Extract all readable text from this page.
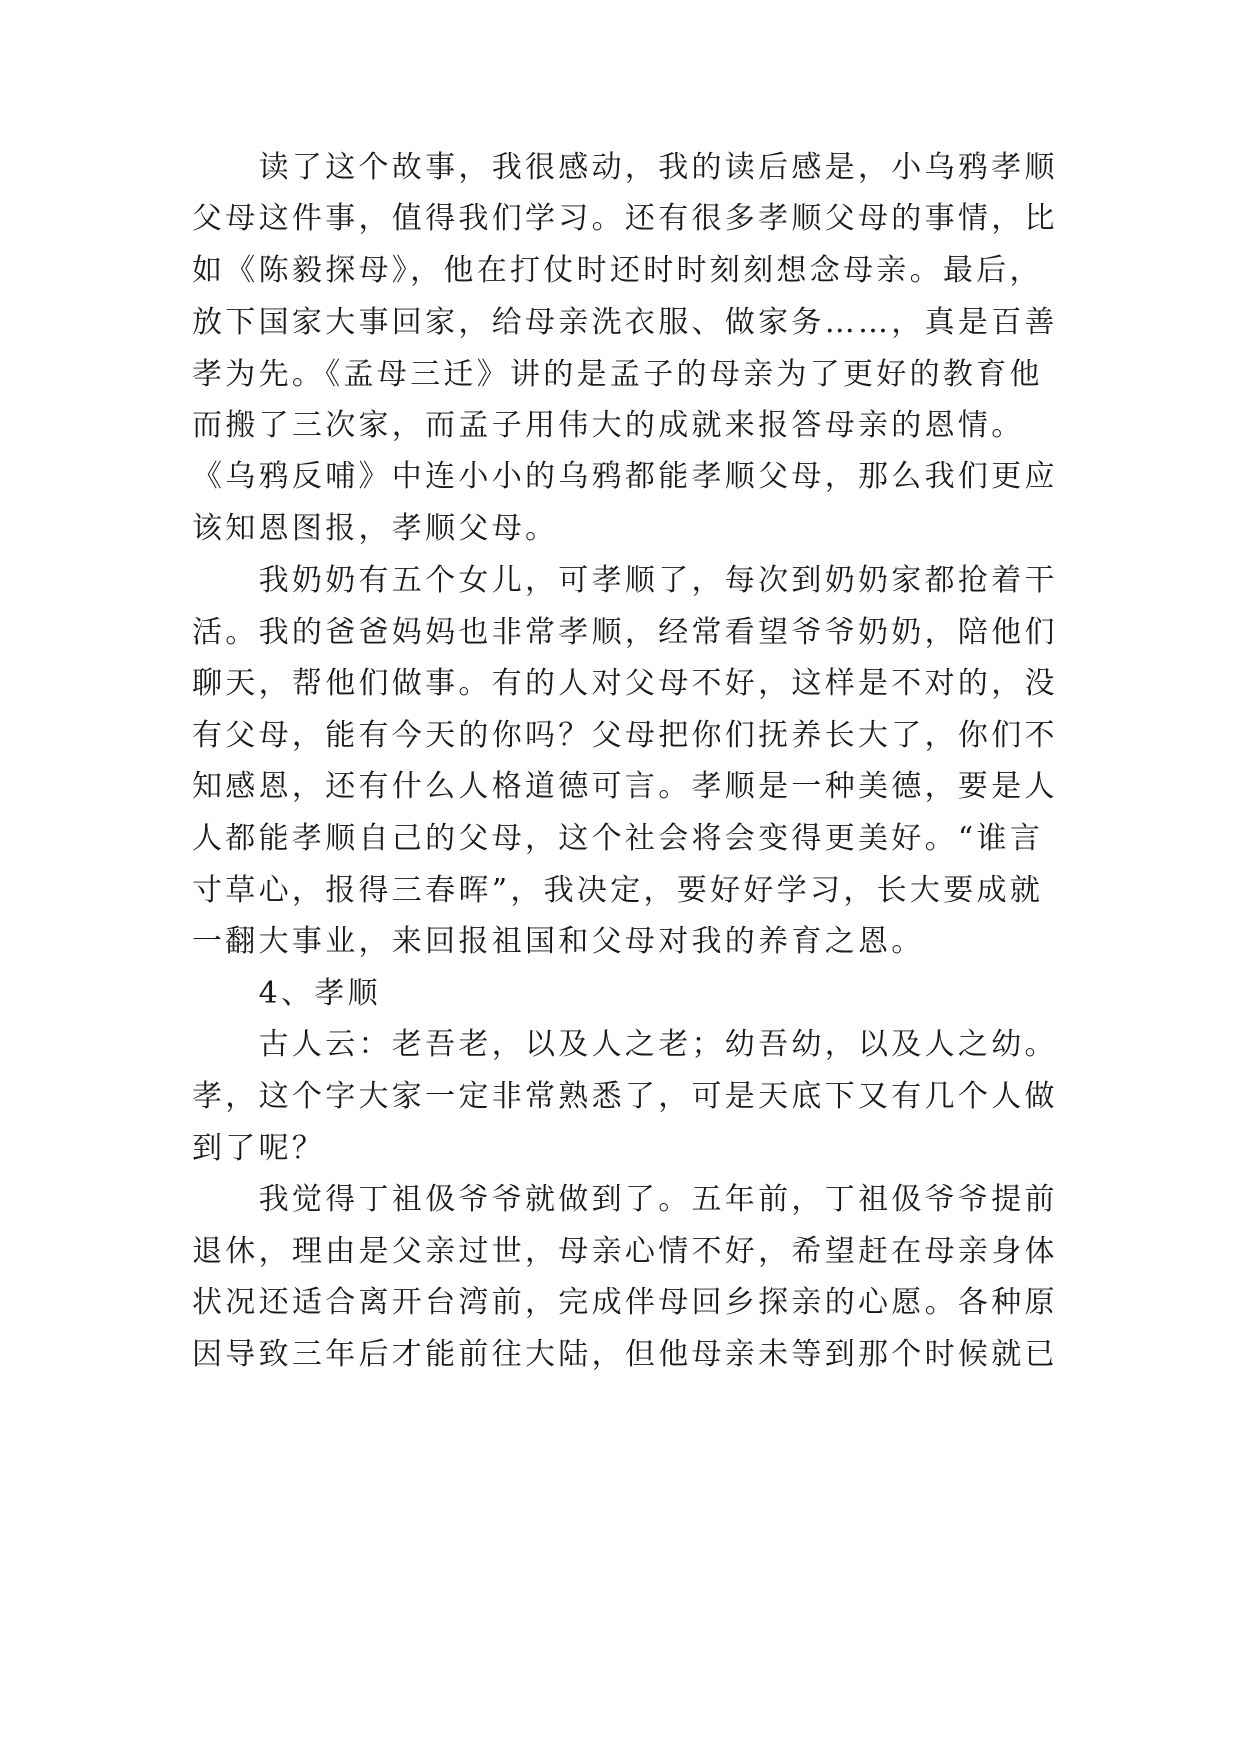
　　读了这个故事，我很感动，我的读后感是，小乌鸦孝顺
父母这件事，值得我们学习。还有很多孝顺父母的事情，比
如《陈毅探母》，他在打仗时还时时刻刻想念母亲。最后，
放下国家大事回家，给母亲洗衣服、做家务……，真是百善
孝为先。《孟母三迁》讲的是孟子的母亲为了更好的教育他
而搬了三次家，而孟子用伟大的成就来报答母亲的恩情。
《乌鸦反哺》中连小小的乌鸦都能孝顺父母，那么我们更应
该知恩图报，孝顺父母。
　　我奶奶有五个女儿，可孝顺了，每次到奶奶家都抢着干
活。我的爸爸妈妈也非常孝顺，经常看望爷爷奶奶，陪他们
聊天，帮他们做事。有的人对父母不好，这样是不对的，没
有父母，能有今天的你吗？父母把你们抚养长大了，你们不
知感恩，还有什么人格道德可言。孝顺是一种美德，要是人
人都能孝顺自己的父母，这个社会将会变得更美好。“谁言
寸草心，报得三春晖”，我决定，要好好学习，长大要成就
一翻大事业，来回报祖国和父母对我的养育之恩。
　　4、孝顺
　　古人云：老吾老，以及人之老；幼吾幼，以及人之幼。
孝，这个字大家一定非常熟悉了，可是天底下又有几个人做
到了呢？
　　我觉得丁祖伋爷爷就做到了。五年前，丁祖伋爷爷提前
退休，理由是父亲过世，母亲心情不好，希望赶在母亲身体
状况还适合离开台湾前，完成伴母回乡探亲的心愿。各种原
因导致三年后才能前往大陆，但他母亲未等到那个时候就已
